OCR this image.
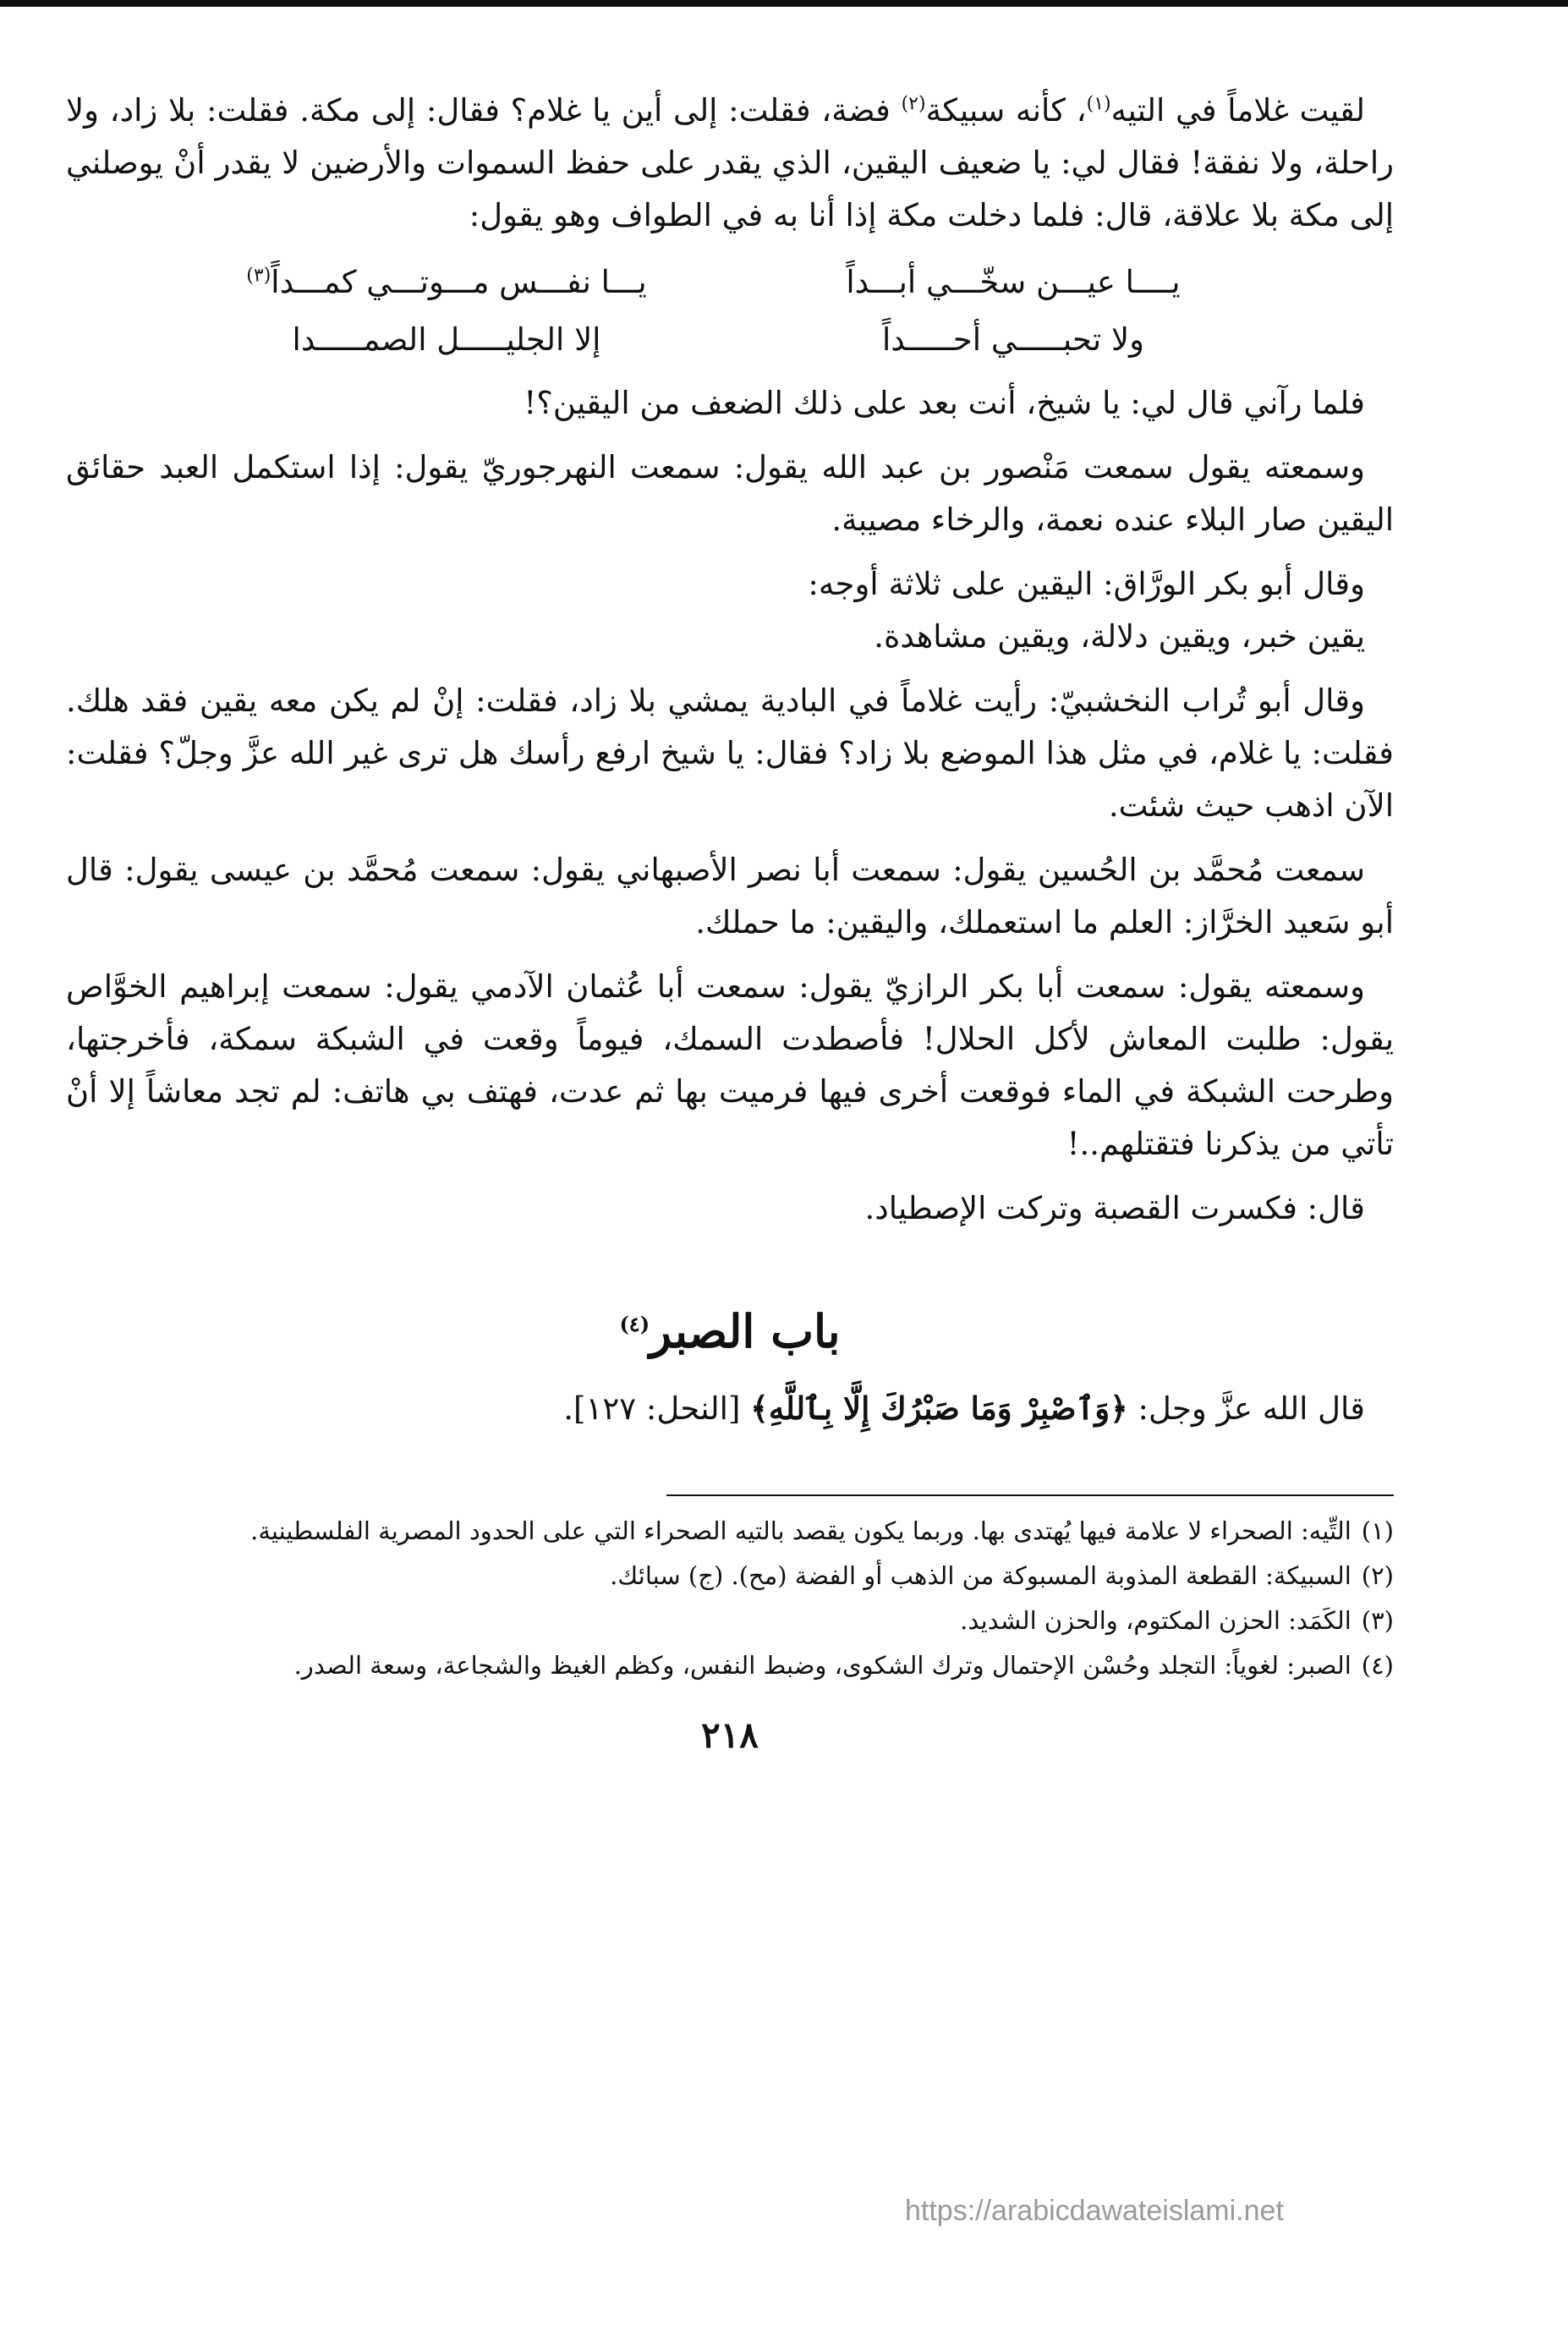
لقيت غلاماً في التيه$^{(١)}$، كأنه سبيكة$^{(٢)}$ فضة، فقلت: إلى أين يا غلام؟ فقال: إلى مكة. فقلت: بلا زاد، ولا راحلة، ولا نفقة! فقال لي: يا ضعيف اليقين، الذي يقدر على حفظ السموات والأرضين لا يقدر أنْ يوصلني إلى مكة بلا علاقة، قال: فلما دخلت مكة إذا أنا به في الطواف وهو يقول:

يــــا عيـــن سخّـــي أبـــداً
يـــا نفـــس مـــوتـــي كمـــداً$^{(٣)}$
ولا تحبـــــي أحـــــداً
إلا الجليـــــل الصمـــــدا

فلما رآني قال لي: يا شيخ، أنت بعد على ذلك الضعف من اليقين؟!

وسمعته يقول سمعت مَنْصور بن عبد الله يقول: سمعت النهرجوريّ يقول: إذا استكمل العبد حقائق اليقين صار البلاء عنده نعمة، والرخاء مصيبة.

وقال أبو بكر الورَّاق: اليقين على ثلاثة أوجه:

يقين خبر، ويقين دلالة، ويقين مشاهدة.

وقال أبو تُراب النخشبيّ: رأيت غلاماً في البادية يمشي بلا زاد، فقلت: إنْ لم يكن معه يقين فقد هلك. فقلت: يا غلام، في مثل هذا الموضع بلا زاد؟ فقال: يا شيخ ارفع رأسك هل ترى غير الله عزَّ وجلّ؟ فقلت: الآن اذهب حيث شئت.

سمعت مُحمَّد بن الحُسين يقول: سمعت أبا نصر الأصبهاني يقول: سمعت مُحمَّد بن عيسى يقول: قال أبو سَعيد الخرَّاز: العلم ما استعملك، واليقين: ما حملك.

وسمعته يقول: سمعت أبا بكر الرازيّ يقول: سمعت أبا عُثمان الآدمي يقول: سمعت إبراهيم الخوَّاص يقول: طلبت المعاش لأكل الحلال! فأصطدت السمك، فيوماً وقعت في الشبكة سمكة، فأخرجتها، وطرحت الشبكة في الماء فوقعت أخرى فيها فرميت بها ثم عدت، فهتف بي هاتف: لم تجد معاشاً إلا أنْ تأتي من يذكرنا فتقتلهم..!

قال: فكسرت القصبة وتركت الإصطياد.

باب الصبر$^{(٤)}$

قال الله عزَّ وجل: ﴿وَٱصْبِرْ وَمَا صَبْرُكَ إِلَّا بِٱللَّهِ﴾ [النحل: ١٢٧].

(١)التِّيه: الصحراء لا علامة فيها يُهتدى بها. وربما يكون يقصد بالتيه الصحراء التي على الحدود المصرية الفلسطينية.

(٢)السبيكة: القطعة المذوبة المسبوكة من الذهب أو الفضة (مح). (ج) سبائك.

(٣)الكَمَد: الحزن المكتوم، والحزن الشديد.

(٤)الصبر: لغوياً: التجلد وحُسْن الإحتمال وترك الشكوى، وضبط النفس، وكظم الغيظ والشجاعة، وسعة الصدر.

٢١٨
https://arabicdawateislami.net
